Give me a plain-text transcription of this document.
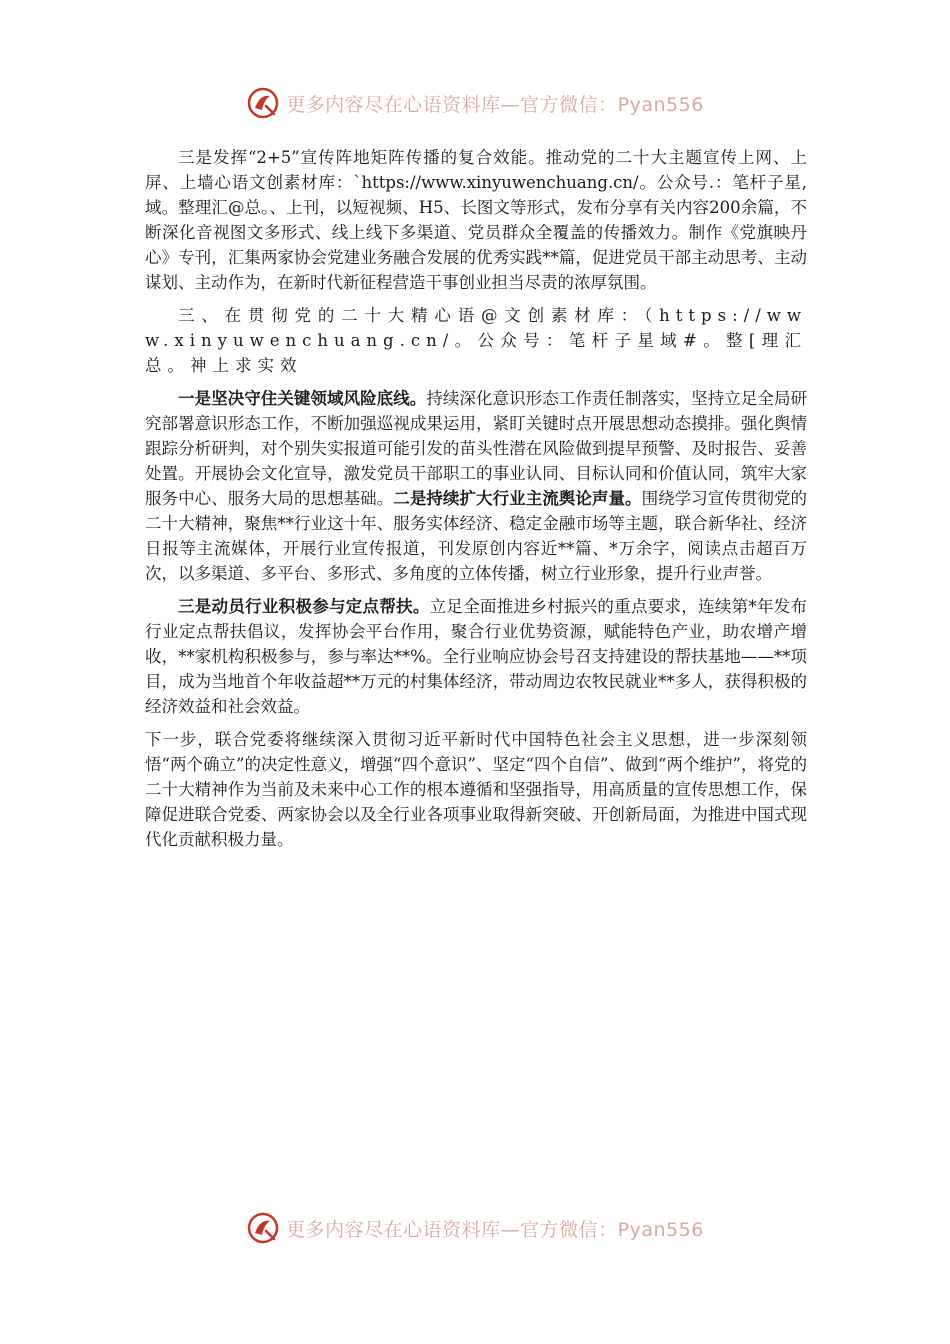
更多内容尽在心语资料库—官方微信：Pyan556

三是发挥“2+5”宣传阵地矩阵传播的复合效能。推动党的二十大主题宣传上网、上屏、上墙心语文创素材库：`https://www.xinyuwenchuang.cn/。公众号.：笔杆子星,域。整理汇@总。、上刊，以短视频、H5、长图文等形式，发布分享有关内容200余篇，不断深化音视图文多形式、线上线下多渠道、党员群众全覆盖的传播效力。制作《党旗映丹心》专刊，汇集两家协会党建业务融合发展的优秀实践**篇，促进党员干部主动思考、主动谋划、主动作为，在新时代新征程营造干事创业担当尽责的浓厚氛围。

三、在贯彻党的二十大精心语@文创素材库：（https://www.xinyuwenchuang.cn/。公众号：笔杆子星域#。整[理汇总。神上求实效

一是坚决守住关键领域风险底线。持续深化意识形态工作责任制落实，坚持立足全局研究部署意识形态工作，不断加强巡视成果运用，紧盯关键时点开展思想动态摸排。强化舆情跟踪分析研判，对个别失实报道可能引发的苗头性潜在风险做到提早预警、及时报告、妥善处置。开展协会文化宣导，激发党员干部职工的事业认同、目标认同和价值认同，筑牢大家服务中心、服务大局的思想基础。二是持续扩大行业主流舆论声量。围绕学习宣传贯彻党的二十大精神，聚焦**行业这十年、服务实体经济、稳定金融市场等主题，联合新华社、经济日报等主流媒体，开展行业宣传报道，刊发原创内容近**篇、*万余字，阅读点击超百万次，以多渠道、多平台、多形式、多角度的立体传播，树立行业形象，提升行业声誉。

三是动员行业积极参与定点帮扶。立足全面推进乡村振兴的重点要求，连续第*年发布行业定点帮扶倡议，发挥协会平台作用，聚合行业优势资源，赋能特色产业，助农增产增收，**家机构积极参与，参与率达**%。全行业响应协会号召支持建设的帮扶基地——**项目，成为当地首个年收益超**万元的村集体经济，带动周边农牧民就业**多人，获得积极的经济效益和社会效益。

下一步，联合党委将继续深入贯彻习近平新时代中国特色社会主义思想，进一步深刻领悟“两个确立”的决定性意义，增强“四个意识”、坚定“四个自信”、做到“两个维护”，将党的二十大精神作为当前及未来中心工作的根本遵循和坚强指导，用高质量的宣传思想工作，保障促进联合党委、两家协会以及全行业各项事业取得新突破、开创新局面，为推进中国式现代化贡献积极力量。

更多内容尽在心语资料库—官方微信：Pyan556
